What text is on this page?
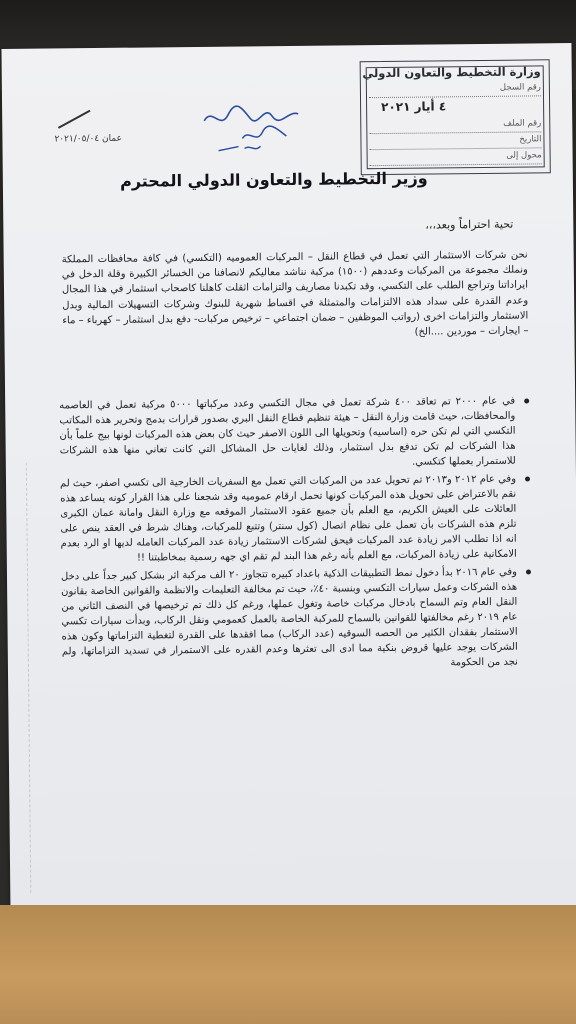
وزارة التخطيط والتعاون الدولي
رقم السجل
٤ أيار ٢٠٢١
رقم الملف
التاريخ
محول إلى
عمان ٢٠٢١/٠٥/٠٤
وزير التخطيط والتعاون الدولي المحترم
تحية احتراماً وبعد،،،
نحن شركات الاستثمار التي تعمل في قطاع النقل – المركبات العموميه (التكسي) في كافة محافظات المملكة ونملك مجموعة من المركبات وعددهم (١٥٠٠) مركبة نناشد معاليكم لانصافنا من الخسائر الكبيرة وقلة الدخل في ايراداتنا وتراجع الطلب على التكسي، وقد تكبدنا مصاريف والتزامات اثقلت كاهلنا كاصحاب استثمار في هذا المجال وعدم القدرة على سداد هذه الالتزامات والمتمثلة في اقساط شهرية للبنوك وشركات التسهيلات المالية وبدل الاستثمار والتزامات اخرى (رواتب الموظفين – ضمان اجتماعي – ترخيص مركبات- دفع بدل استثمار – كهرباء – ماء – ايجارات – موردين ....الخ)
في عام ٢٠٠٠ تم تعاقد ٤٠٠ شركة تعمل في مجال التكسي وعدد مركباتها ٥٠٠٠ مركبة تعمل في العاصمه والمحافظات، حيث قامت وزارة النقل – هيئة تنظيم قطاع النقل البري بصدور قرارات بدمج وتحرير هذه المكاتب التكسي التي لم تكن حره (اساسيه) وتحويلها الى اللون الاصفر حيث كان بعض هذه المركبات لونها بيج علماً بأن هذا الشركات لم تكن تدفع بدل استثمار، وذلك لغايات حل المشاكل التي كانت تعاني منها هذه الشركات للاستمرار بعملها كتكسي.
وفي عام ٢٠١٢ و٢٠١٣ تم تحويل عدد من المركبات التي تعمل مع السفريات الخارجية الى تكسي اصفر، حيث لم نقم بالاعتراض على تحويل هذه المركبات كونها تحمل ارقام عموميه وقد شجعنا على هذا القرار كونه يساعد هذه العائلات على العيش الكريم، مع العلم بأن جميع عقود الاستثمار الموقعه مع وزارة النقل وامانة عمان الكبرى تلزم هذه الشركات بأن تعمل على نظام اتصال (كول سنتر) وتتبع للمركبات، وهناك شرط في العقد ينص على انه اذا تطلب الامر زيادة عدد المركبات فيحق لشركات الاستثمار زيادة عدد المركبات العامله لديها او الرد بعدم الامكانية على زيادة المركبات، مع العلم بأنه رغم هذا البند لم تقم اي جهه رسمية بمخاطبتنا !!
وفي عام ٢٠١٦ بدأ دخول نمط التطبيقات الذكية باعداد كبيره تتجاوز ٢٠ الف مركبة اثر بشكل كبير جداً على دخل هذه الشركات وعمل سيارات التكسي وبنسبة ٤٠٪، حيث تم مخالفة التعليمات والانظمة والقوانين الخاصة بقانون النقل العام وتم السماح بادخال مركبات خاصة وتغول عملها، ورغم كل ذلك تم ترخيصها في النصف الثاني من عام ٢٠١٩ رغم مخالفتها للقوانين بالسماح للمركبة الخاصة بالعمل كعمومي ونقل الركاب، وبدأت سيارات تكسي الاستثمار بفقدان الكثير من الحصه السوقيه (عدد الركاب) مما افقدها على القدرة لتغطية التزاماتها وكون هذه الشركات يوجد عليها قروض بنكية مما ادى الى تعثرها وعدم القدره على الاستمرار في تسديد التزاماتها، ولم نجد من الحكومة
